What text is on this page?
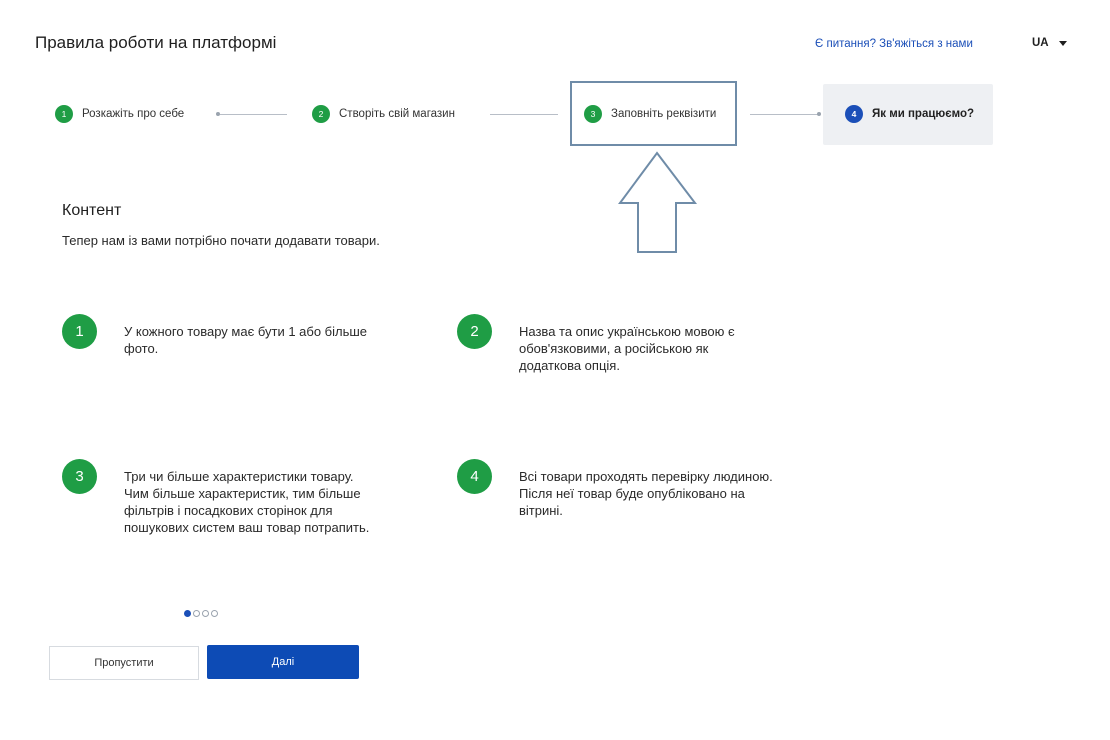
Правила роботи на платформі	Є питання? Зв'яжіться з нами	UA
1	Розкажіть про себе	2	Створіть свій магазин	3	Заповніть реквізити	4	Як ми працюємо?
Контент
Тепер нам із вами потрібно почати додавати товари.
1	У кожного товару має бути 1 або більше
фото.
2	Назва та опис українською мовою є
обов'язковими, а російською як
додаткова опція.
3	Три чи більше характеристики товару.
Чим більше характеристик, тим більше
фільтрів і посадкових сторінок для
пошукових систем ваш товар потрапить.
4	Всі товари проходять перевірку людиною.
Після неї товар буде опубліковано на
вітрині.
Пропустити	Далі
